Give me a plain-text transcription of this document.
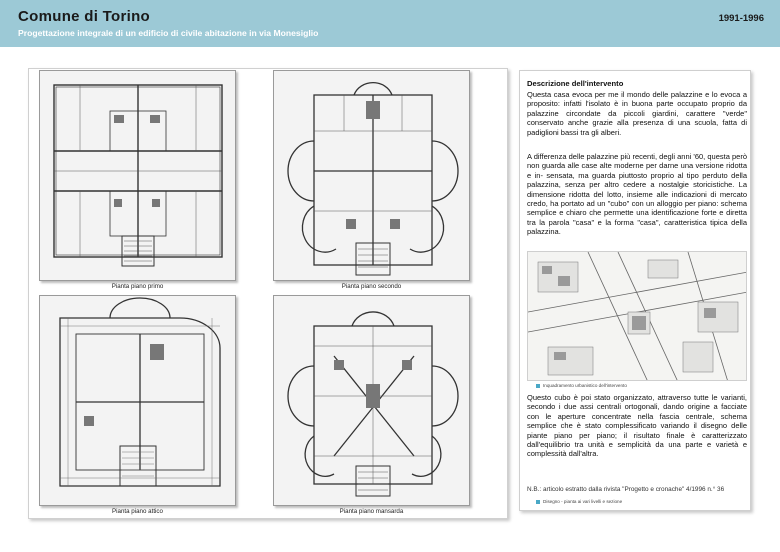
Comune di Torino
Progettazione integrale di un edificio di civile abitazione in via Monesiglio
1991-1996
Pianta piano primo	Pianta piano secondo
Pianta piano attico	Pianta piano mansarda
Descrizione dell'intervento
Questa casa evoca per me il mondo delle palazzine e lo evoca a proposito: infatti l'isolato è in buona parte occupato proprio da palazzine circondate da piccoli giardini, carattere "verde" conservato anche grazie alla presenza di una scuola, fatta di padiglioni bassi tra gli alberi.
A differenza delle palazzine più recenti, degli anni '60, questa però non guarda alle case alte moderne per darne una versione ridotta e in- sensata, ma guarda piuttosto proprio al tipo perduto della palazzina, senza per altro cedere a nostalgie storicistiche. La dimensione ridotta del lotto, insieme alle indicazioni di mercato credo, ha portato ad un "cubo" con un alloggio per piano: schema semplice e chiaro che permette una identificazione forte e diretta tra la parola "casa" e la forma "casa", caratteristica tipica della palazzina.
Inquadramento urbanistico dell'intervento
Questo cubo è poi stato organizzato, attraverso tutte le varianti, secondo i due assi centrali ortogonali, dando origine a facciate con le aperture concentrate nella fascia centrale, schema semplice che è stato complessificato variando il disegno delle piante piano per piano; il risultato finale è caratterizzato dall'equilibrio tra unità e semplicità da una parte e varietà e complessità dall'altra.
N.B.: articolo estratto dalla rivista "Progetto e cronache" 4/1996 n.° 36
Disegno - pianta ai vari livelli e sezione
